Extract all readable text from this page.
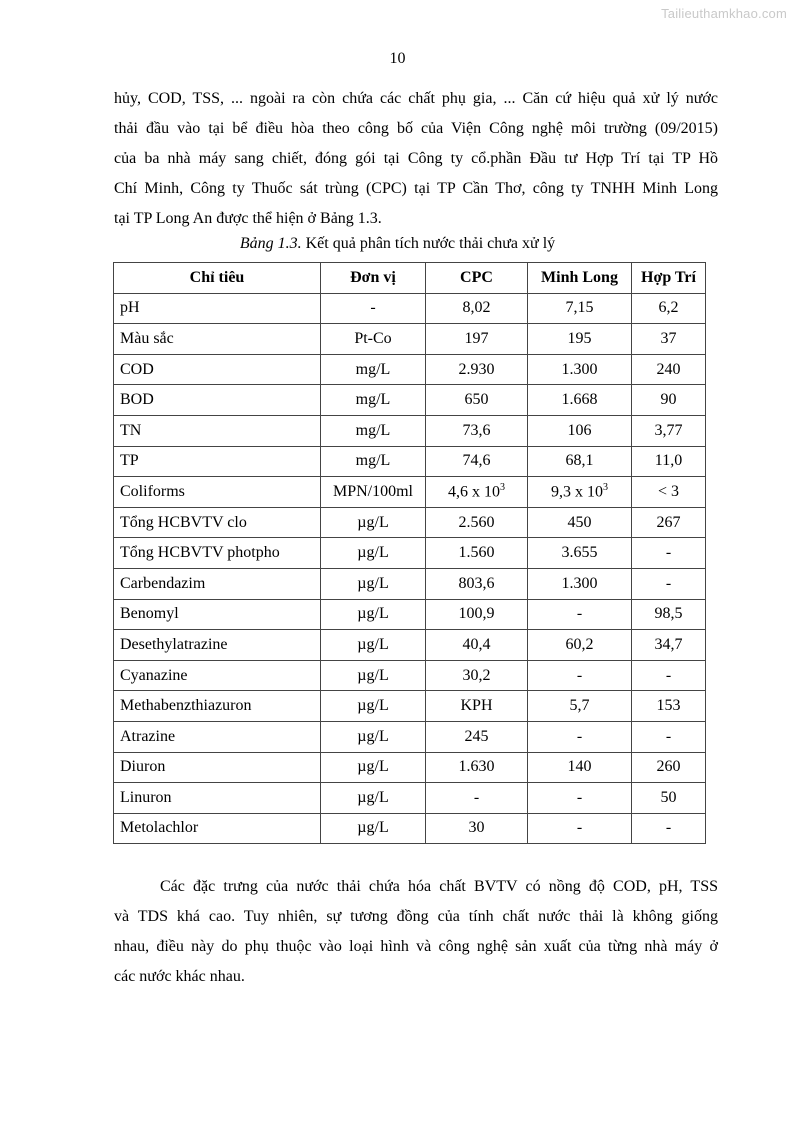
Tailieuthamkhao.com
10
hủy, COD, TSS, ... ngoài ra còn chứa các chất phụ gia, ... Căn cứ hiệu quả xử lý nước
thải đầu vào tại bể điều hòa theo công bố của Viện Công nghệ môi trường (09/2015)
của ba nhà máy sang chiết, đóng gói tại Công ty cổ.phần Đầu tư Hợp Trí tại TP Hồ
Chí Minh, Công ty Thuốc sát trùng (CPC) tại TP Cần Thơ, công ty TNHH Minh Long
tại TP Long An được thể hiện ở Bảng 1.3.
Bảng 1.3. Kết quả phân tích nước thải chưa xử lý
Chỉ tiêu	Đơn vị	CPC	Minh Long	Hợp Trí
pH	-	8,02	7,15	6,2
Màu sắc	Pt-Co	197	195	37
COD	mg/L	2.930	1.300	240
BOD	mg/L	650	1.668	90
TN	mg/L	73,6	106	3,77
TP	mg/L	74,6	68,1	11,0
Coliforms	MPN/100ml	4,6 x $10^3$	9,3 x $10^3$	< 3
Tổng HCBVTV clo	µg/L	2.560	450	267
Tổng HCBVTV photpho	µg/L	1.560	3.655	-
Carbendazim	µg/L	803,6	1.300	-
Benomyl	µg/L	100,9	-	98,5
Desethylatrazine	µg/L	40,4	60,2	34,7
Cyanazine	µg/L	30,2	-	-
Methabenzthiazuron	µg/L	KPH	5,7	153
Atrazine	µg/L	245	-	-
Diuron	µg/L	1.630	140	260
Linuron	µg/L	-	-	50
Metolachlor	µg/L	30	-	-
Các đặc trưng của nước thải chứa hóa chất BVTV có nồng độ COD, pH, TSS
và TDS khá cao. Tuy nhiên, sự tương đồng của tính chất nước thải là không giống
nhau, điều này do phụ thuộc vào loại hình và công nghệ sản xuất của từng nhà máy ở
các nước khác nhau.
